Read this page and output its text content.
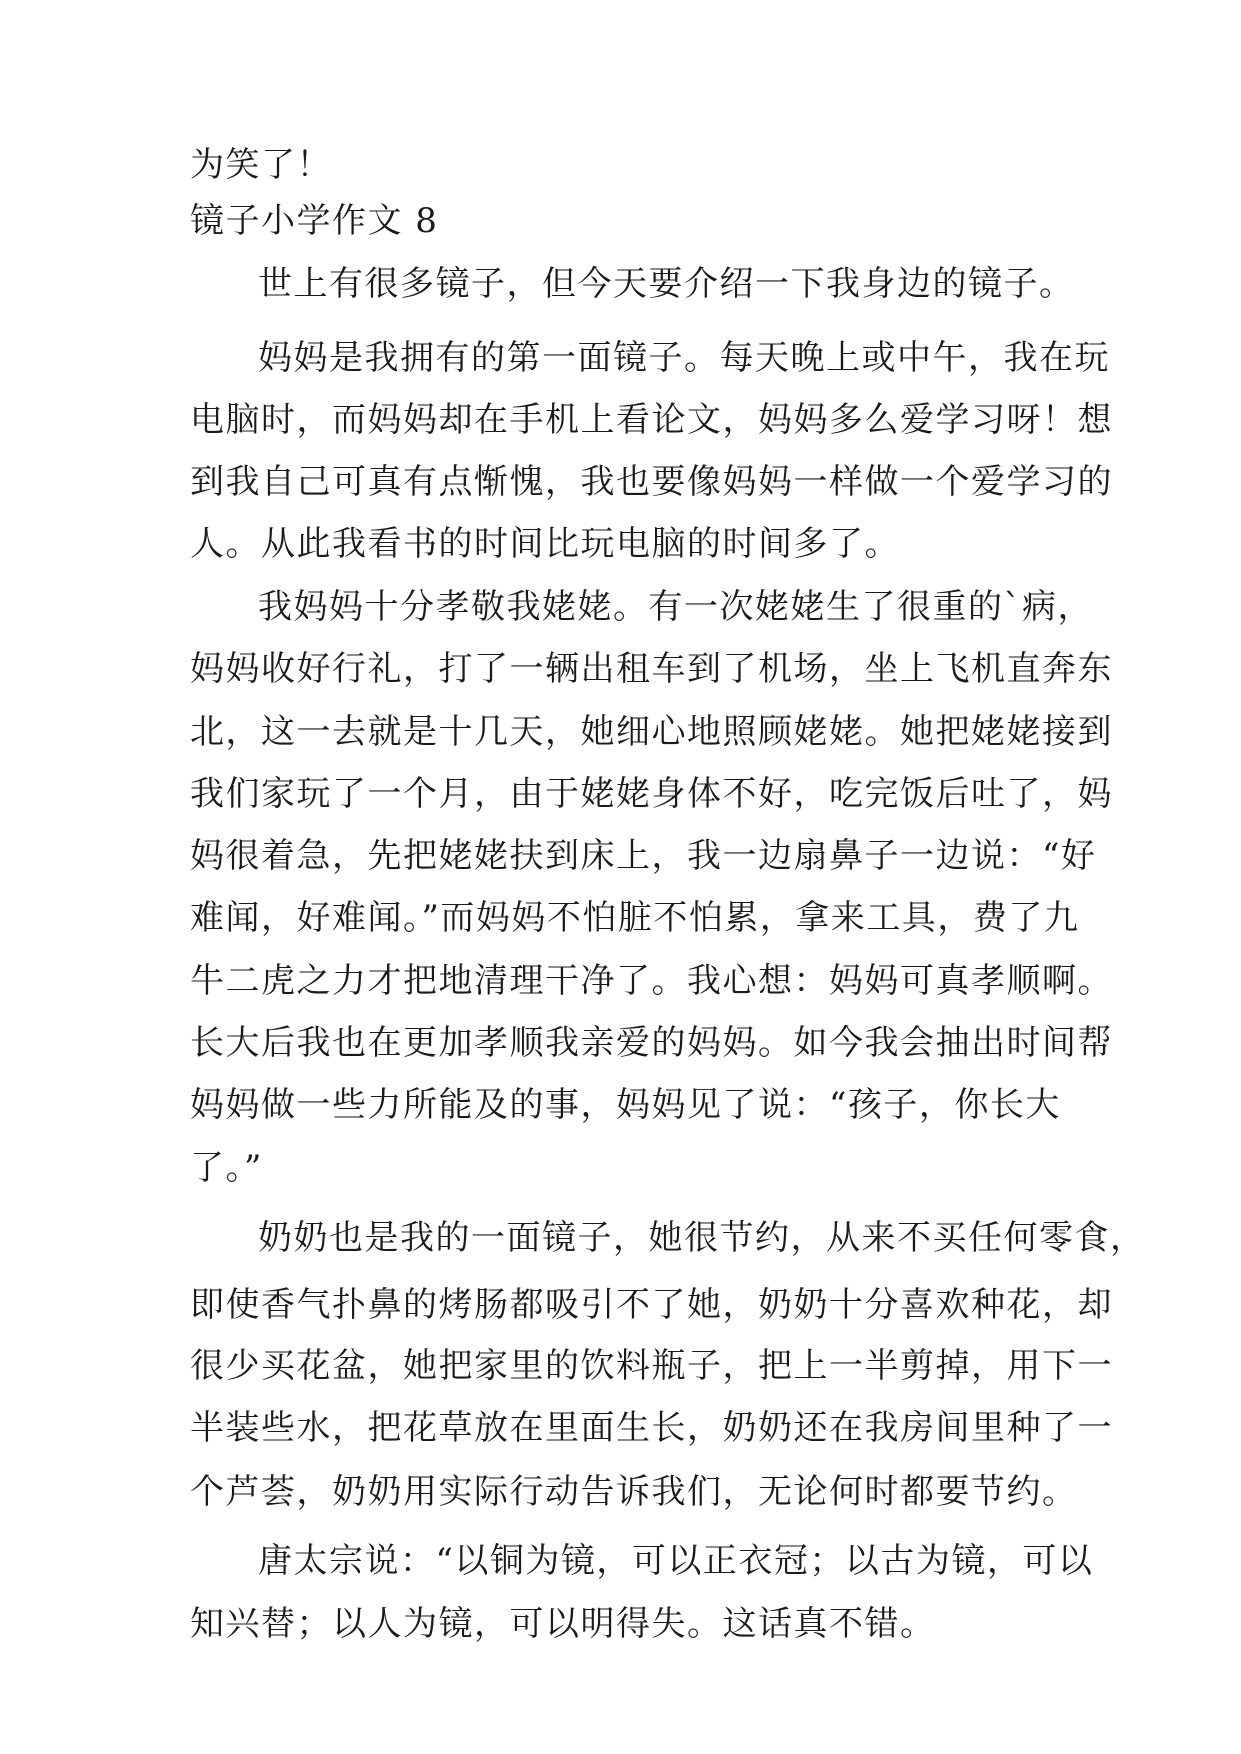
为笑了！
镜子小学作文 8
世上有很多镜子，但今天要介绍一下我身边的镜子。
妈妈是我拥有的第一面镜子。每天晚上或中午，我在玩
电脑时，而妈妈却在手机上看论文，妈妈多么爱学习呀！想
到我自己可真有点惭愧，我也要像妈妈一样做一个爱学习的
人。从此我看书的时间比玩电脑的时间多了。
我妈妈十分孝敬我姥姥。有一次姥姥生了很重的`病，
妈妈收好行礼，打了一辆出租车到了机场，坐上飞机直奔东
北，这一去就是十几天，她细心地照顾姥姥。她把姥姥接到
我们家玩了一个月，由于姥姥身体不好，吃完饭后吐了，妈
妈很着急，先把姥姥扶到床上，我一边扇鼻子一边说：“好
难闻，好难闻。”而妈妈不怕脏不怕累，拿来工具，费了九
牛二虎之力才把地清理干净了。我心想：妈妈可真孝顺啊。
长大后我也在更加孝顺我亲爱的妈妈。如今我会抽出时间帮
妈妈做一些力所能及的事，妈妈见了说：“孩子，你长大
了。”
奶奶也是我的一面镜子，她很节约，从来不买任何零食，
即使香气扑鼻的烤肠都吸引不了她，奶奶十分喜欢种花，却
很少买花盆，她把家里的饮料瓶子，把上一半剪掉，用下一
半装些水，把花草放在里面生长，奶奶还在我房间里种了一
个芦荟，奶奶用实际行动告诉我们，无论何时都要节约。
唐太宗说：“以铜为镜，可以正衣冠；以古为镜，可以
知兴替；以人为镜，可以明得失。这话真不错。
